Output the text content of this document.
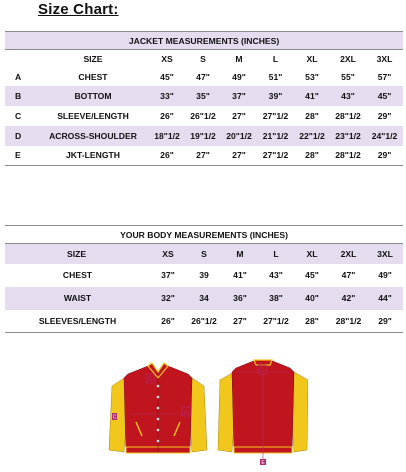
Size Chart:
JACKET MEASUREMENTS (INCHES)								
	SIZE	XS	S	M	L	XL	2XL	3XL
A	CHEST	45"	47"	49"	51"	53"	55"	57"
B	BOTTOM	33"	35"	37"	39"	41"	43"	45"
C	SLEEVE/LENGTH	26"	26"1/2	27"	27"1/2	28"	28"1/2	29"
D	ACROSS-SHOULDER	18"1/2	19"1/2	20"1/2	21"1/2	22"1/2	23"1/2	24"1/2
E	JKT-LENGTH	26"	27"	27"	27"1/2	28"	28"1/2	29"
YOUR BODY MEASUREMENTS (INCHES)							
SIZE	XS	S	M	L	XL	2XL	3XL
CHEST	37"	39	41"	43"	45"	47"	49"
WAIST	32"	34	36"	38"	40"	42"	44"
SLEEVES/LENGTH	26"	26"1/2	27"	27"1/2	28"	28"1/2	29"
B
A
C
D
E
